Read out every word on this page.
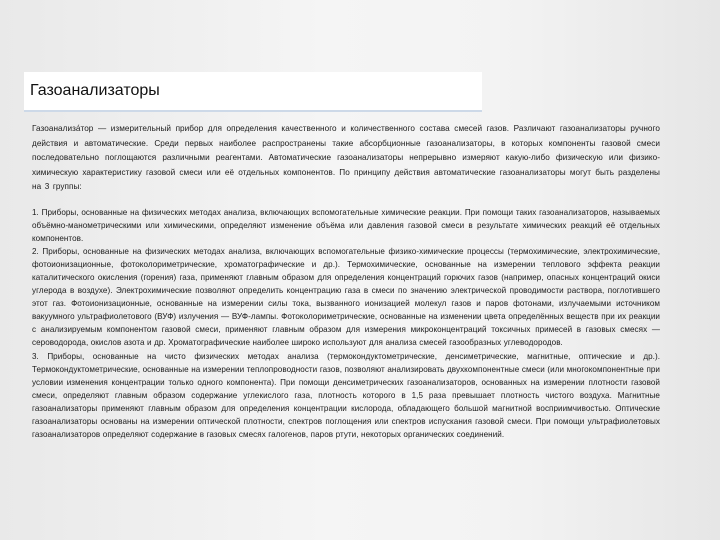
Газоанализаторы

Газоанализа́тор — измерительный прибор для определения качественного и количественного состава смесей газов. Различают газоанализаторы ручного действия и автоматические. Среди первых наиболее распространены такие абсорбционные газоанализаторы, в которых компоненты газовой смеси последовательно поглощаются различными реагентами. Автоматические газоанализаторы непрерывно измеряют какую-либо физическую или физико-химическую характеристику газовой смеси или её отдельных компонентов. По принципу действия автоматические газоанализаторы могут быть разделены на 3 группы:

1. Приборы, основанные на физических методах анализа, включающих вспомогательные химические реакции. При помощи таких газоанализаторов, называемых объёмно-манометрическими или химическими, определяют изменение объёма или давления газовой смеси в результате химических реакций её отдельных компонентов.

2. Приборы, основанные на физических методах анализа, включающих вспомогательные физико-химические процессы (термохимические, электрохимические, фотоионизационные, фотоколориметрические, хроматографические и др.). Термохимические, основанные на измерении теплового эффекта реакции каталитического окисления (горения) газа, применяют главным образом для определения концентраций горючих газов (например, опасных концентраций окиси углерода в воздухе). Электрохимические позволяют определить концентрацию газа в смеси по значению электрической проводимости раствора, поглотившего этот газ. Фотоионизационные, основанные на измерении силы тока, вызванного ионизацией молекул газов и паров фотонами, излучаемыми источником вакуумного ультрафиолетового (ВУФ) излучения — ВУФ-лампы. Фотоколориметрические, основанные на изменении цвета определённых веществ при их реакции с анализируемым компонентом газовой смеси, применяют главным образом для измерения микроконцентраций токсичных примесей в газовых смесях — сероводорода, окислов азота и др. Хроматографические наиболее широко используют для анализа смесей газообразных углеводородов.

3. Приборы, основанные на чисто физических методах анализа (термокондуктометрические, денсиметрические, магнитные, оптические и др.). Термокондуктометрические, основанные на измерении теплопроводности газов, позволяют анализировать двухкомпонентные смеси (или многокомпонентные при условии изменения концентрации только одного компонента). При помощи денсиметрических газоанализаторов, основанных на измерении плотности газовой смеси, определяют главным образом содержание углекислого газа, плотность которого в 1,5 раза превышает плотность чистого воздуха. Магнитные газоанализаторы применяют главным образом для определения концентрации кислорода, обладающего большой магнитной восприимчивостью. Оптические газоанализаторы основаны на измерении оптической плотности, спектров поглощения или спектров испускания газовой смеси. При помощи ультрафиолетовых газоанализаторов определяют содержание в газовых смесях галогенов, паров ртути, некоторых органических соединений.
